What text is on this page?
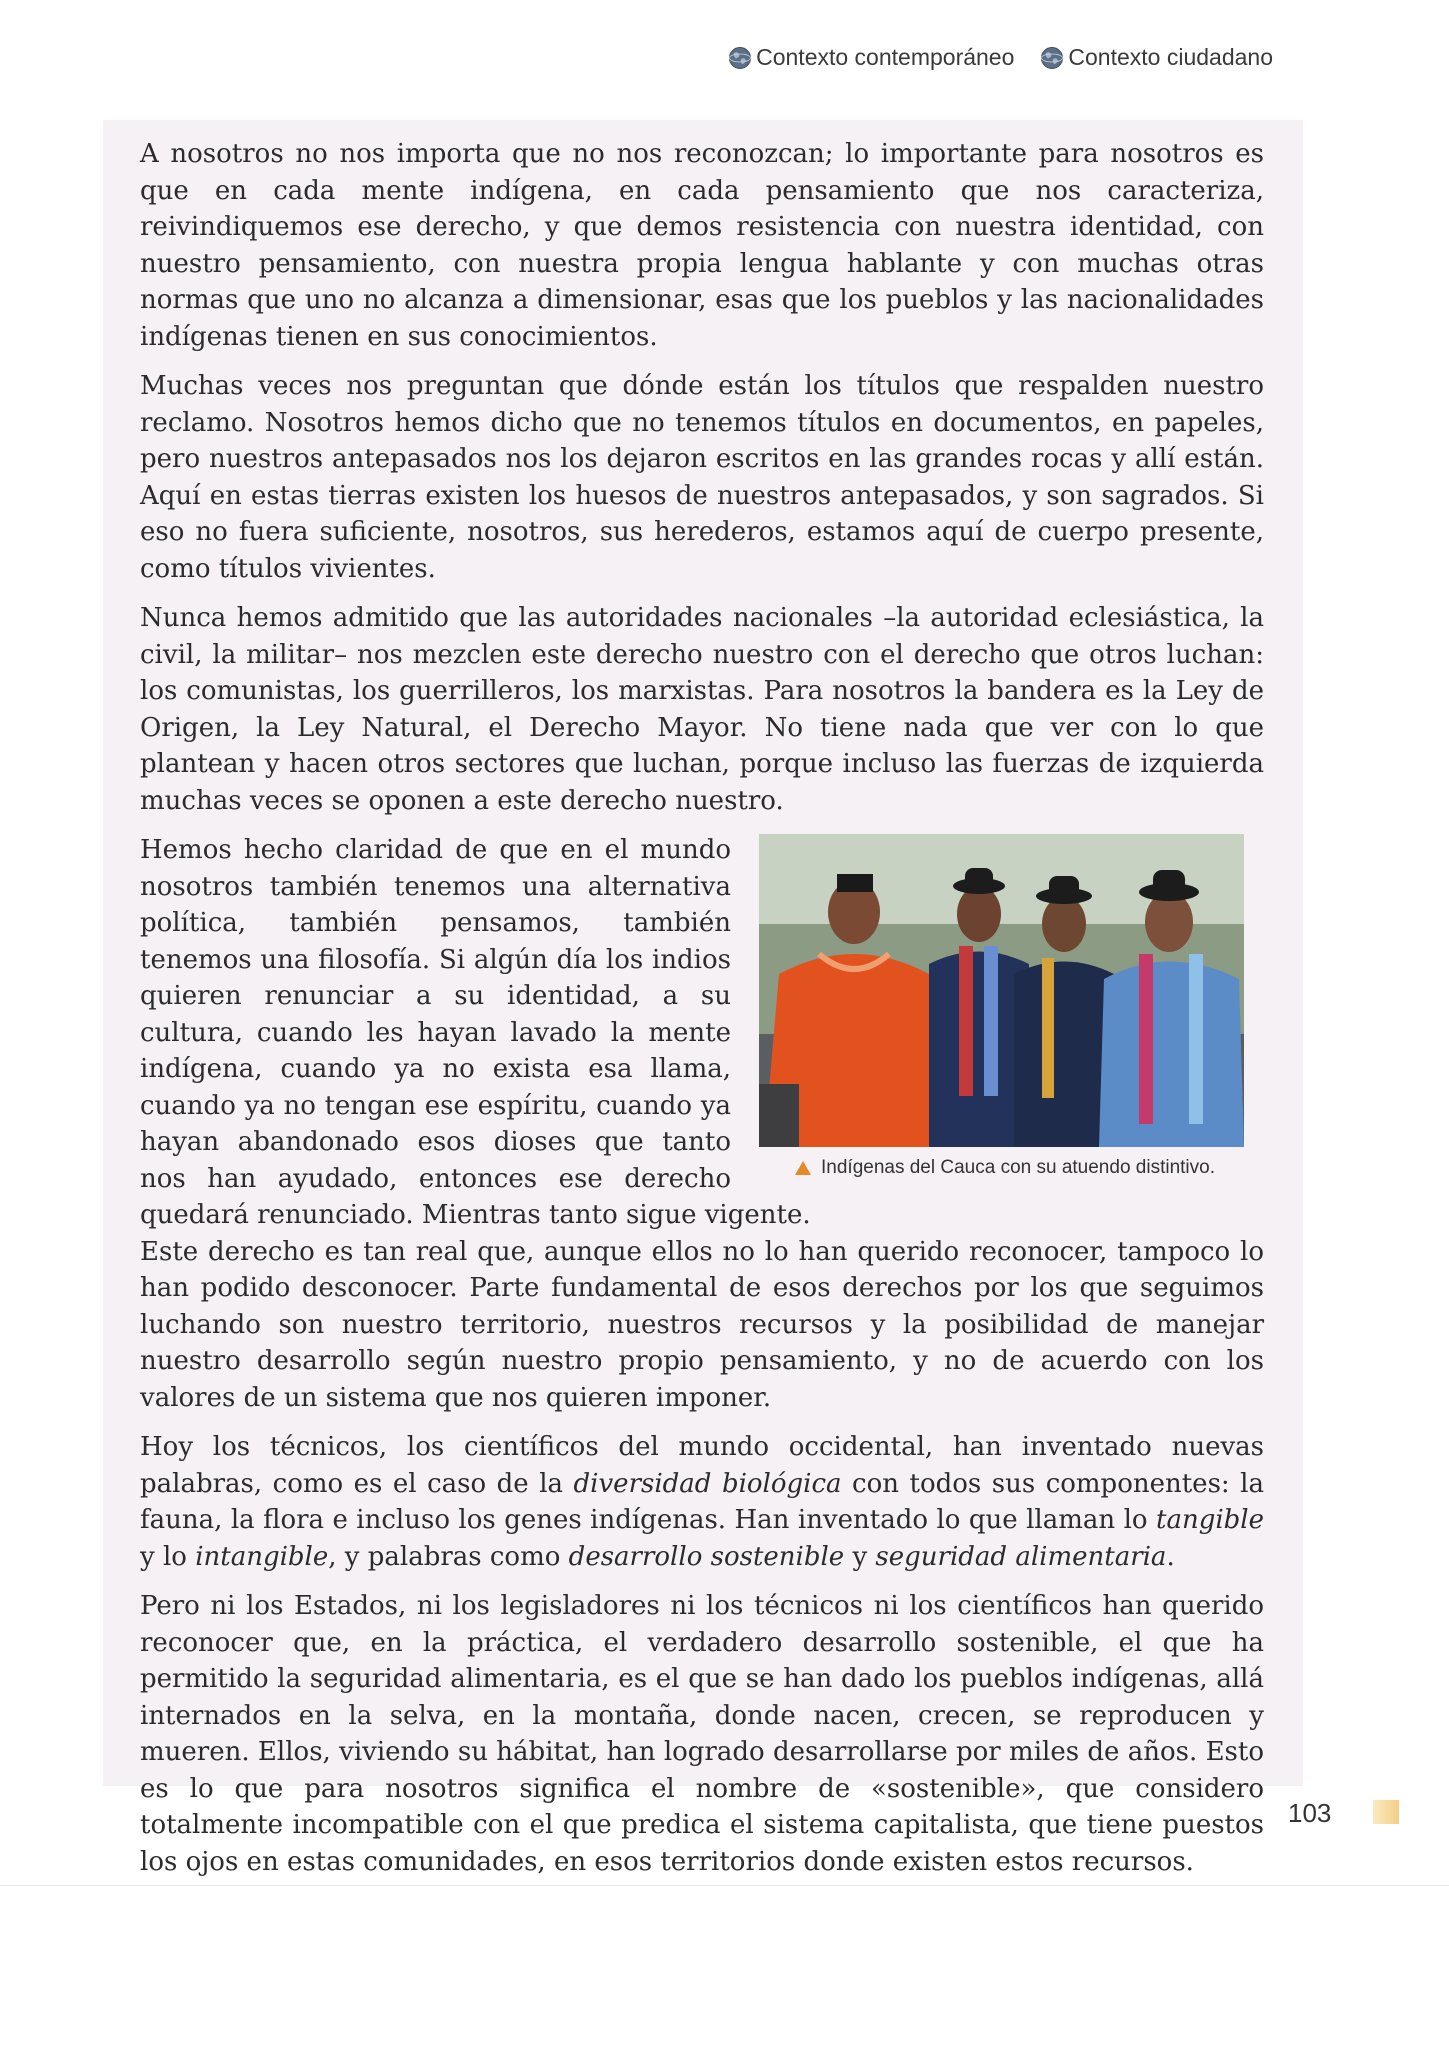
Contexto contemporáneo Contexto ciudadano

A nosotros no nos importa que no nos reconozcan; lo importante para nosotros es que en cada mente indígena, en cada pensamiento que nos caracteriza, reivindiquemos ese derecho, y que demos resistencia con nuestra identidad, con nuestro pensamiento, con nuestra propia lengua hablante y con muchas otras normas que uno no alcanza a dimensionar, esas que los pueblos y las nacionalidades indígenas tienen en sus conocimientos.

Muchas veces nos preguntan que dónde están los títulos que respalden nuestro reclamo. Nosotros hemos dicho que no tenemos títulos en documentos, en papeles, pero nuestros antepasados nos los dejaron escritos en las grandes rocas y allí están. Aquí en estas tierras existen los huesos de nuestros antepasados, y son sagrados. Si eso no fuera suficiente, nosotros, sus herederos, estamos aquí de cuerpo presente, como títulos vivientes.

Nunca hemos admitido que las autoridades nacionales –la autoridad eclesiástica, la civil, la militar– nos mezclen este derecho nuestro con el derecho que otros luchan: los comunistas, los guerrilleros, los marxistas. Para nosotros la bandera es la Ley de Origen, la Ley Natural, el Derecho Mayor. No tiene nada que ver con lo que plantean y hacen otros sectores que luchan, porque incluso las fuerzas de izquierda muchas veces se oponen a este derecho nuestro.

Indígenas del Cauca con su atuendo distintivo.

Hemos hecho claridad de que en el mundo nosotros también tenemos una alternativa política, también pensamos, también tenemos una filosofía. Si algún día los indios quieren renunciar a su identidad, a su cultura, cuando les hayan lavado la mente indígena, cuando ya no exista esa llama, cuando ya no tengan ese espíritu, cuando ya hayan abandonado esos dioses que tanto nos han ayudado, entonces ese derecho quedará renunciado. Mientras tanto sigue vigente.

Este derecho es tan real que, aunque ellos no lo han querido reconocer, tampoco lo han podido desconocer. Parte fundamental de esos derechos por los que seguimos luchando son nuestro territorio, nuestros recursos y la posibilidad de manejar nuestro desarrollo según nuestro propio pensamiento, y no de acuerdo con los valores de un sistema que nos quieren imponer.

Hoy los técnicos, los científicos del mundo occidental, han inventado nuevas palabras, como es el caso de la diversidad biológica con todos sus componentes: la fauna, la flora e incluso los genes indígenas. Han inventado lo que llaman lo tangible y lo intangible, y palabras como desarrollo sostenible y seguridad alimentaria.

Pero ni los Estados, ni los legisladores ni los técnicos ni los científicos han querido reconocer que, en la práctica, el verdadero desarrollo sostenible, el que ha permitido la seguridad alimentaria, es el que se han dado los pueblos indígenas, allá internados en la selva, en la montaña, donde nacen, crecen, se reproducen y mueren. Ellos, viviendo su hábitat, han logrado desarrollarse por miles de años. Esto es lo que para nosotros significa el nombre de «sostenible», que considero totalmente incompatible con el que predica el sistema capitalista, que tiene puestos los ojos en estas comunidades, en esos territorios donde existen estos recursos.

103
